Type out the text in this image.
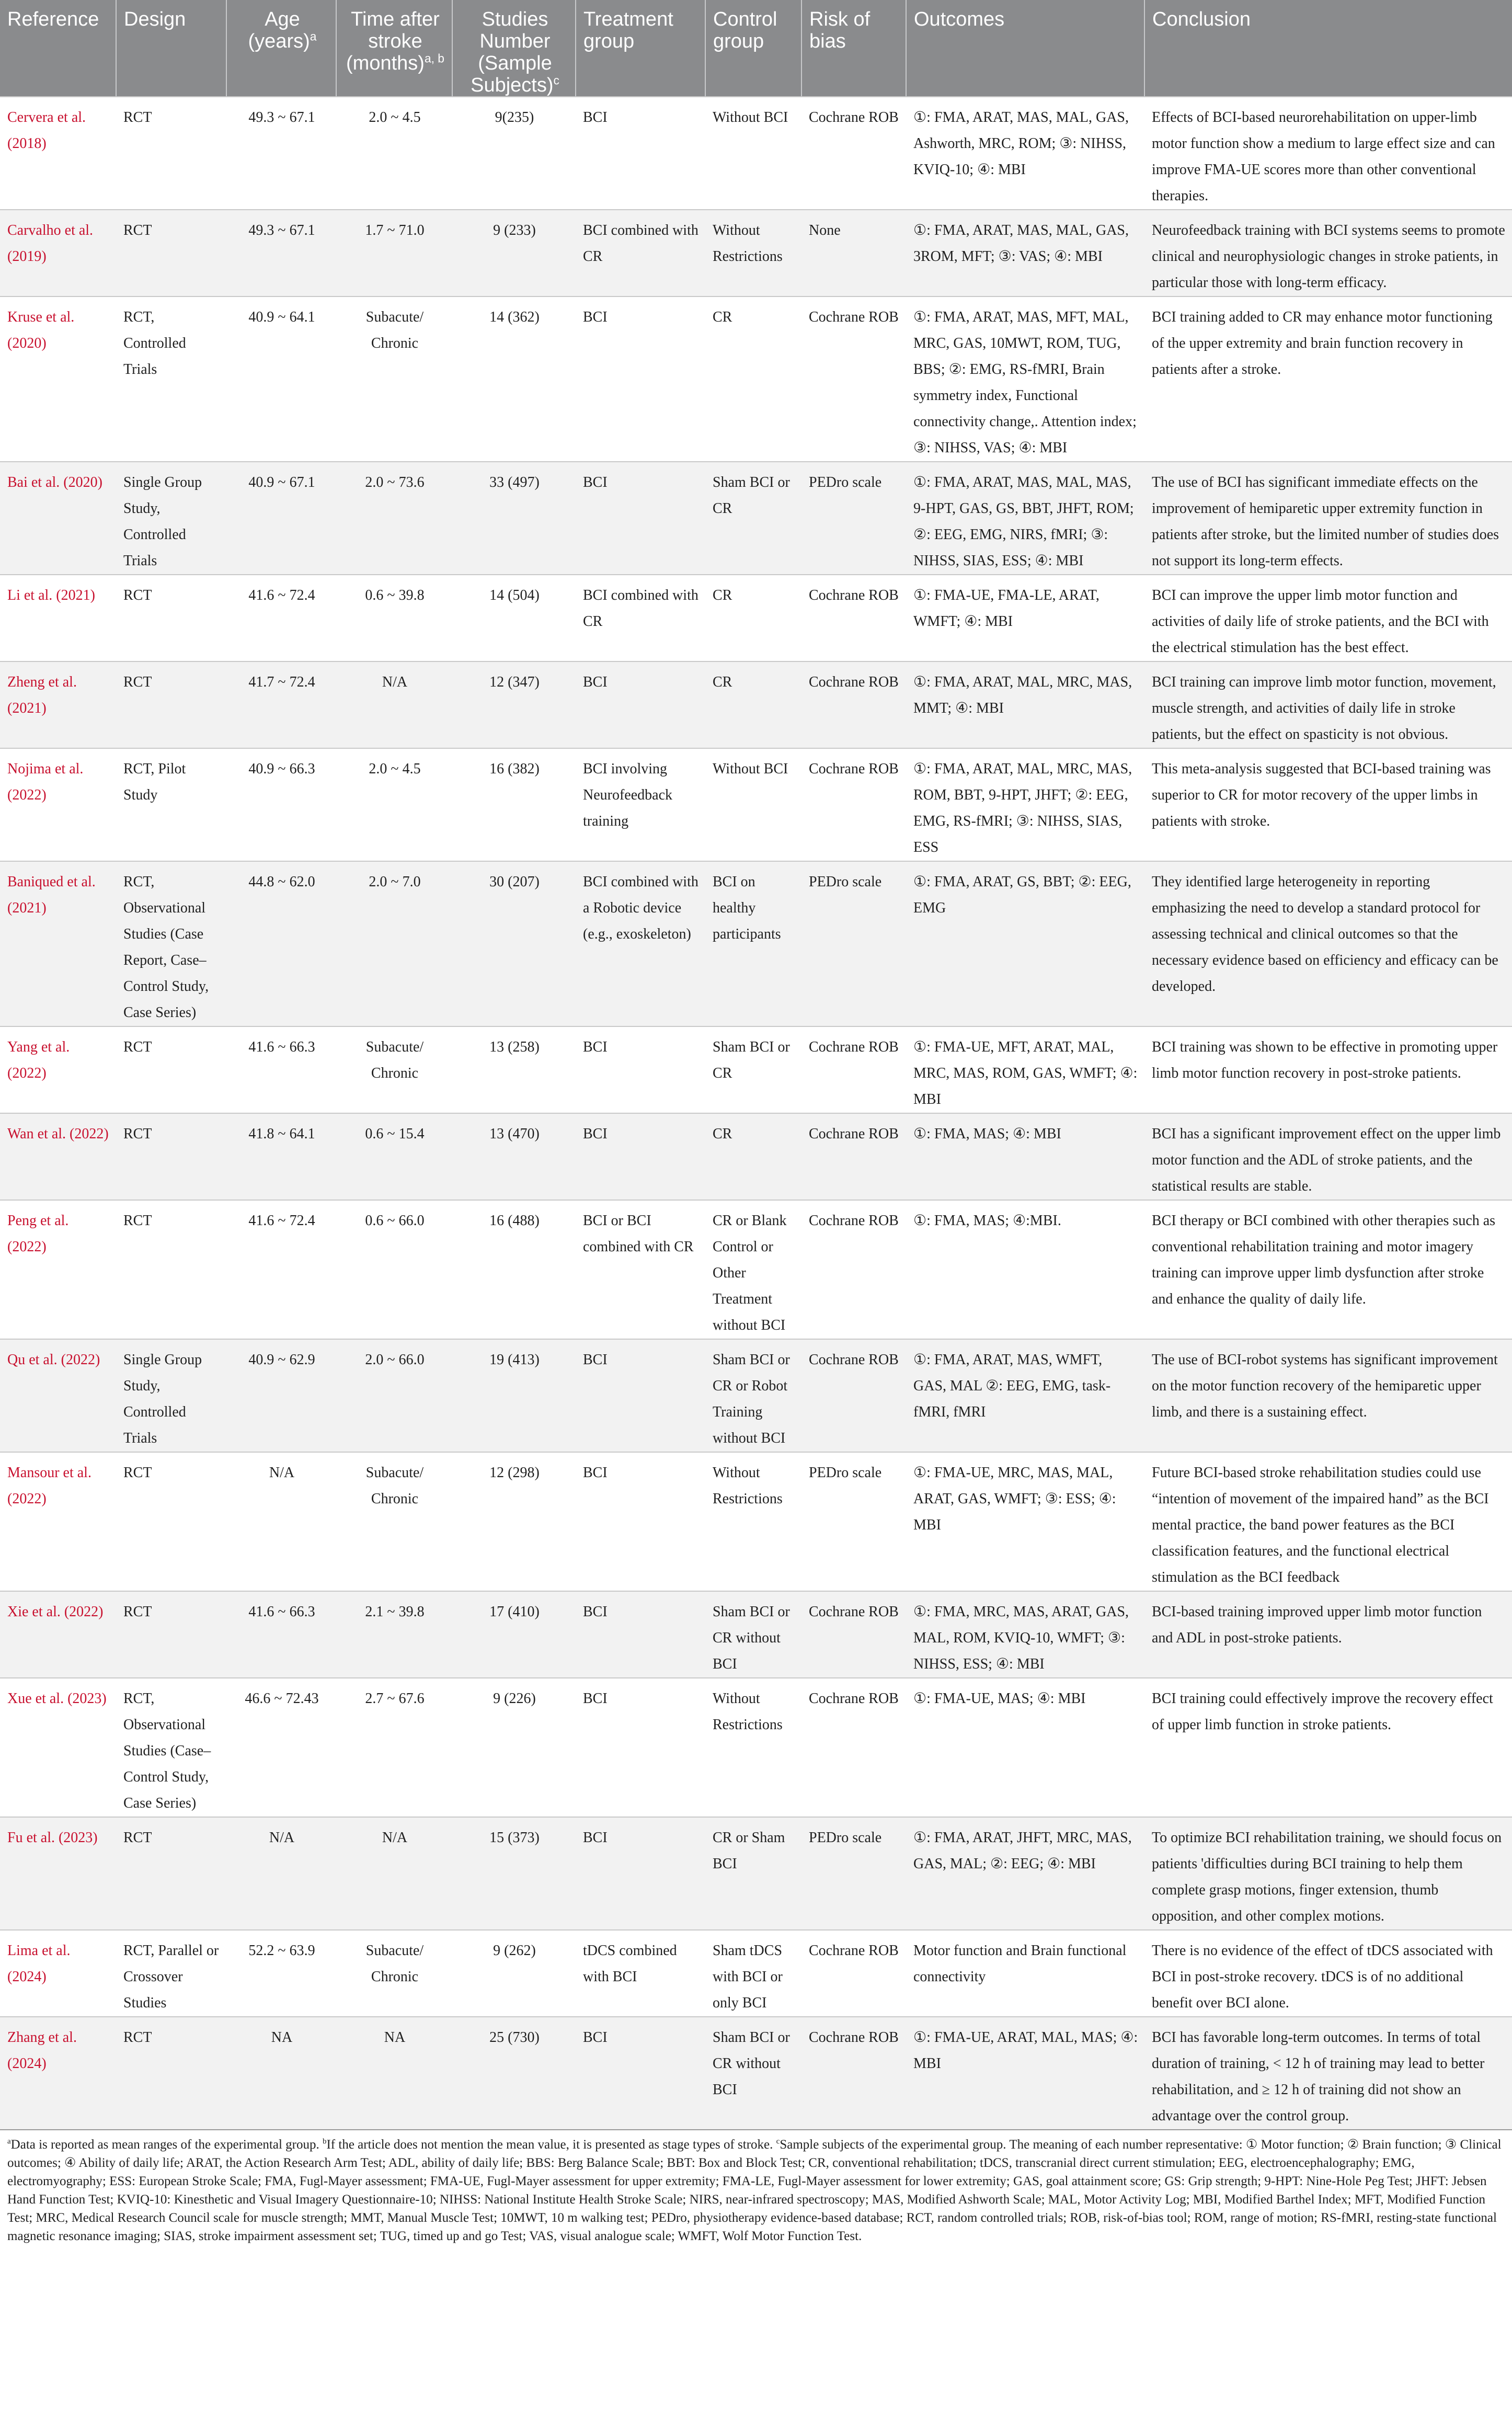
Reference	Design	Age (years)$^a$	Time after stroke (months)$^{a, b}$	Studies Number (Sample Subjects)$^c$	Treatment group	Control group	Risk of bias	Outcomes	Conclusion
Cervera et al. (2018)	RCT	49.3 ~ 67.1	2.0 ~ 4.5	9(235)	BCI	Without BCI	Cochrane ROB	①: FMA, ARAT, MAS, MAL, GAS, Ashworth, MRC, ROM; ③: NIHSS, KVIQ-10; ④: MBI	Effects of BCI-based neurorehabilitation on upper-limb motor function show a medium to large effect size and can improve FMA-UE scores more than other conventional therapies.
Carvalho et al. (2019)	RCT	49.3 ~ 67.1	1.7 ~ 71.0	9 (233)	BCI combined with CR	Without Restrictions	None	①: FMA, ARAT, MAS, MAL, GAS, 3ROM, MFT; ③: VAS; ④: MBI	Neurofeedback training with BCI systems seems to promote clinical and neurophysiologic changes in stroke patients, in particular those with long-term efficacy.
Kruse et al. (2020)	RCT, Controlled Trials	40.9 ~ 64.1	Subacute/ Chronic	14 (362)	BCI	CR	Cochrane ROB	①: FMA, ARAT, MAS, MFT, MAL, MRC, GAS, 10MWT, ROM, TUG, BBS; ②: EMG, RS-fMRI, Brain symmetry index, Functional connectivity change,. Attention index; ③: NIHSS, VAS; ④: MBI	BCI training added to CR may enhance motor functioning of the upper extremity and brain function recovery in patients after a stroke.
Bai et al. (2020)	Single Group Study, Controlled Trials	40.9 ~ 67.1	2.0 ~ 73.6	33 (497)	BCI	Sham BCI or CR	PEDro scale	①: FMA, ARAT, MAS, MAL, MAS, 9-HPT, GAS, GS, BBT, JHFT, ROM; ②: EEG, EMG, NIRS, fMRI; ③: NIHSS, SIAS, ESS; ④: MBI	The use of BCI has significant immediate effects on the improvement of hemiparetic upper extremity function in patients after stroke, but the limited number of studies does not support its long-term effects.
Li et al. (2021)	RCT	41.6 ~ 72.4	0.6 ~ 39.8	14 (504)	BCI combined with CR	CR	Cochrane ROB	①: FMA-UE, FMA-LE, ARAT, WMFT; ④: MBI	BCI can improve the upper limb motor function and activities of daily life of stroke patients, and the BCI with the electrical stimulation has the best effect.
Zheng et al. (2021)	RCT	41.7 ~ 72.4	N/A	12 (347)	BCI	CR	Cochrane ROB	①: FMA, ARAT, MAL, MRC, MAS, MMT; ④: MBI	BCI training can improve limb motor function, movement, muscle strength, and activities of daily life in stroke patients, but the effect on spasticity is not obvious.
Nojima et al. (2022)	RCT, Pilot Study	40.9 ~ 66.3	2.0 ~ 4.5	16 (382)	BCI involving Neurofeedback training	Without BCI	Cochrane ROB	①: FMA, ARAT, MAL, MRC, MAS, ROM, BBT, 9-HPT, JHFT; ②: EEG, EMG, RS-fMRI; ③: NIHSS, SIAS, ESS	This meta-analysis suggested that BCI-based training was superior to CR for motor recovery of the upper limbs in patients with stroke.
Baniqued et al. (2021)	RCT, Observational Studies (Case Report, Case–Control Study, Case Series)	44.8 ~ 62.0	2.0 ~ 7.0	30 (207)	BCI combined with a Robotic device (e.g., exoskeleton)	BCI on healthy participants	PEDro scale	①: FMA, ARAT, GS, BBT; ②: EEG, EMG	They identified large heterogeneity in reporting emphasizing the need to develop a standard protocol for assessing technical and clinical outcomes so that the necessary evidence based on efficiency and efficacy can be developed.
Yang et al. (2022)	RCT	41.6 ~ 66.3	Subacute/ Chronic	13 (258)	BCI	Sham BCI or CR	Cochrane ROB	①: FMA-UE, MFT, ARAT, MAL, MRC, MAS, ROM, GAS, WMFT; ④: MBI	BCI training was shown to be effective in promoting upper limb motor function recovery in post-stroke patients.
Wan et al. (2022)	RCT	41.8 ~ 64.1	0.6 ~ 15.4	13 (470)	BCI	CR	Cochrane ROB	①: FMA, MAS; ④: MBI	BCI has a significant improvement effect on the upper limb motor function and the ADL of stroke patients, and the statistical results are stable.
Peng et al. (2022)	RCT	41.6 ~ 72.4	0.6 ~ 66.0	16 (488)	BCI or BCI combined with CR	CR or Blank Control or Other Treatment without BCI	Cochrane ROB	①: FMA, MAS; ④:MBI.	BCI therapy or BCI combined with other therapies such as conventional rehabilitation training and motor imagery training can improve upper limb dysfunction after stroke and enhance the quality of daily life.
Qu et al. (2022)	Single Group Study, Controlled Trials	40.9 ~ 62.9	2.0 ~ 66.0	19 (413)	BCI	Sham BCI or CR or Robot Training without BCI	Cochrane ROB	①: FMA, ARAT, MAS, WMFT, GAS, MAL ②: EEG, EMG, task-fMRI, fMRI	The use of BCI-robot systems has significant improvement on the motor function recovery of the hemiparetic upper limb, and there is a sustaining effect.
Mansour et al. (2022)	RCT	N/A	Subacute/ Chronic	12 (298)	BCI	Without Restrictions	PEDro scale	①: FMA-UE, MRC, MAS, MAL, ARAT, GAS, WMFT; ③: ESS; ④: MBI	Future BCI-based stroke rehabilitation studies could use “intention of movement of the impaired hand” as the BCI mental practice, the band power features as the BCI classification features, and the functional electrical stimulation as the BCI feedback
Xie et al. (2022)	RCT	41.6 ~ 66.3	2.1 ~ 39.8	17 (410)	BCI	Sham BCI or CR without BCI	Cochrane ROB	①: FMA, MRC, MAS, ARAT, GAS, MAL, ROM, KVIQ-10, WMFT; ③: NIHSS, ESS; ④: MBI	BCI-based training improved upper limb motor function and ADL in post-stroke patients.
Xue et al. (2023)	RCT, Observational Studies (Case–Control Study, Case Series)	46.6 ~ 72.43	2.7 ~ 67.6	9 (226)	BCI	Without Restrictions	Cochrane ROB	①: FMA-UE, MAS; ④: MBI	BCI training could effectively improve the recovery effect of upper limb function in stroke patients.
Fu et al. (2023)	RCT	N/A	N/A	15 (373)	BCI	CR or Sham BCI	PEDro scale	①: FMA, ARAT, JHFT, MRC, MAS, GAS, MAL; ②: EEG; ④: MBI	To optimize BCI rehabilitation training, we should focus on patients 'difficulties during BCI training to help them complete grasp motions, finger extension, thumb opposition, and other complex motions.
Lima et al. (2024)	RCT, Parallel or Crossover Studies	52.2 ~ 63.9	Subacute/ Chronic	9 (262)	tDCS combined with BCI	Sham tDCS with BCI or only BCI	Cochrane ROB	Motor function and Brain functional connectivity	There is no evidence of the effect of tDCS associated with BCI in post-stroke recovery. tDCS is of no additional benefit over BCI alone.
Zhang et al. (2024)	RCT	NA	NA	25 (730)	BCI	Sham BCI or CR without BCI	Cochrane ROB	①: FMA-UE, ARAT, MAL, MAS; ④: MBI	BCI has favorable long-term outcomes. In terms of total duration of training, < 12 h of training may lead to better rehabilitation, and ≥ 12 h of training did not show an advantage over the control group.

$^a$Data is reported as mean ranges of the experimental group. $^b$If the article does not mention the mean value, it is presented as stage types of stroke. $^c$Sample subjects of the experimental group. The meaning of each number representative: ① Motor function; ② Brain function; ③ Clinical outcomes; ④ Ability of daily life; ARAT, the Action Research Arm Test; ADL, ability of daily life; BBS: Berg Balance Scale; BBT: Box and Block Test; CR, conventional rehabilitation; tDCS, transcranial direct current stimulation; EEG, electroencephalography; EMG, electromyography; ESS: European Stroke Scale; FMA, Fugl-Mayer assessment; FMA-UE, Fugl-Mayer assessment for upper extremity; FMA-LE, Fugl-Mayer assessment for lower extremity; GAS, goal attainment score; GS: Grip strength; 9-HPT: Nine-Hole Peg Test; JHFT: Jebsen Hand Function Test; KVIQ-10: Kinesthetic and Visual Imagery Questionnaire-10; NIHSS: National Institute Health Stroke Scale; NIRS, near-infrared spectroscopy; MAS, Modified Ashworth Scale; MAL, Motor Activity Log; MBI, Modified Barthel Index; MFT, Modified Function Test; MRC, Medical Research Council scale for muscle strength; MMT, Manual Muscle Test; 10MWT, 10 m walking test; PEDro, physiotherapy evidence-based database; RCT, random controlled trials; ROB, risk-of-bias tool; ROM, range of motion; RS-fMRI, resting-state functional magnetic resonance imaging; SIAS, stroke impairment assessment set; TUG, timed up and go Test; VAS, visual analogue scale; WMFT, Wolf Motor Function Test.
